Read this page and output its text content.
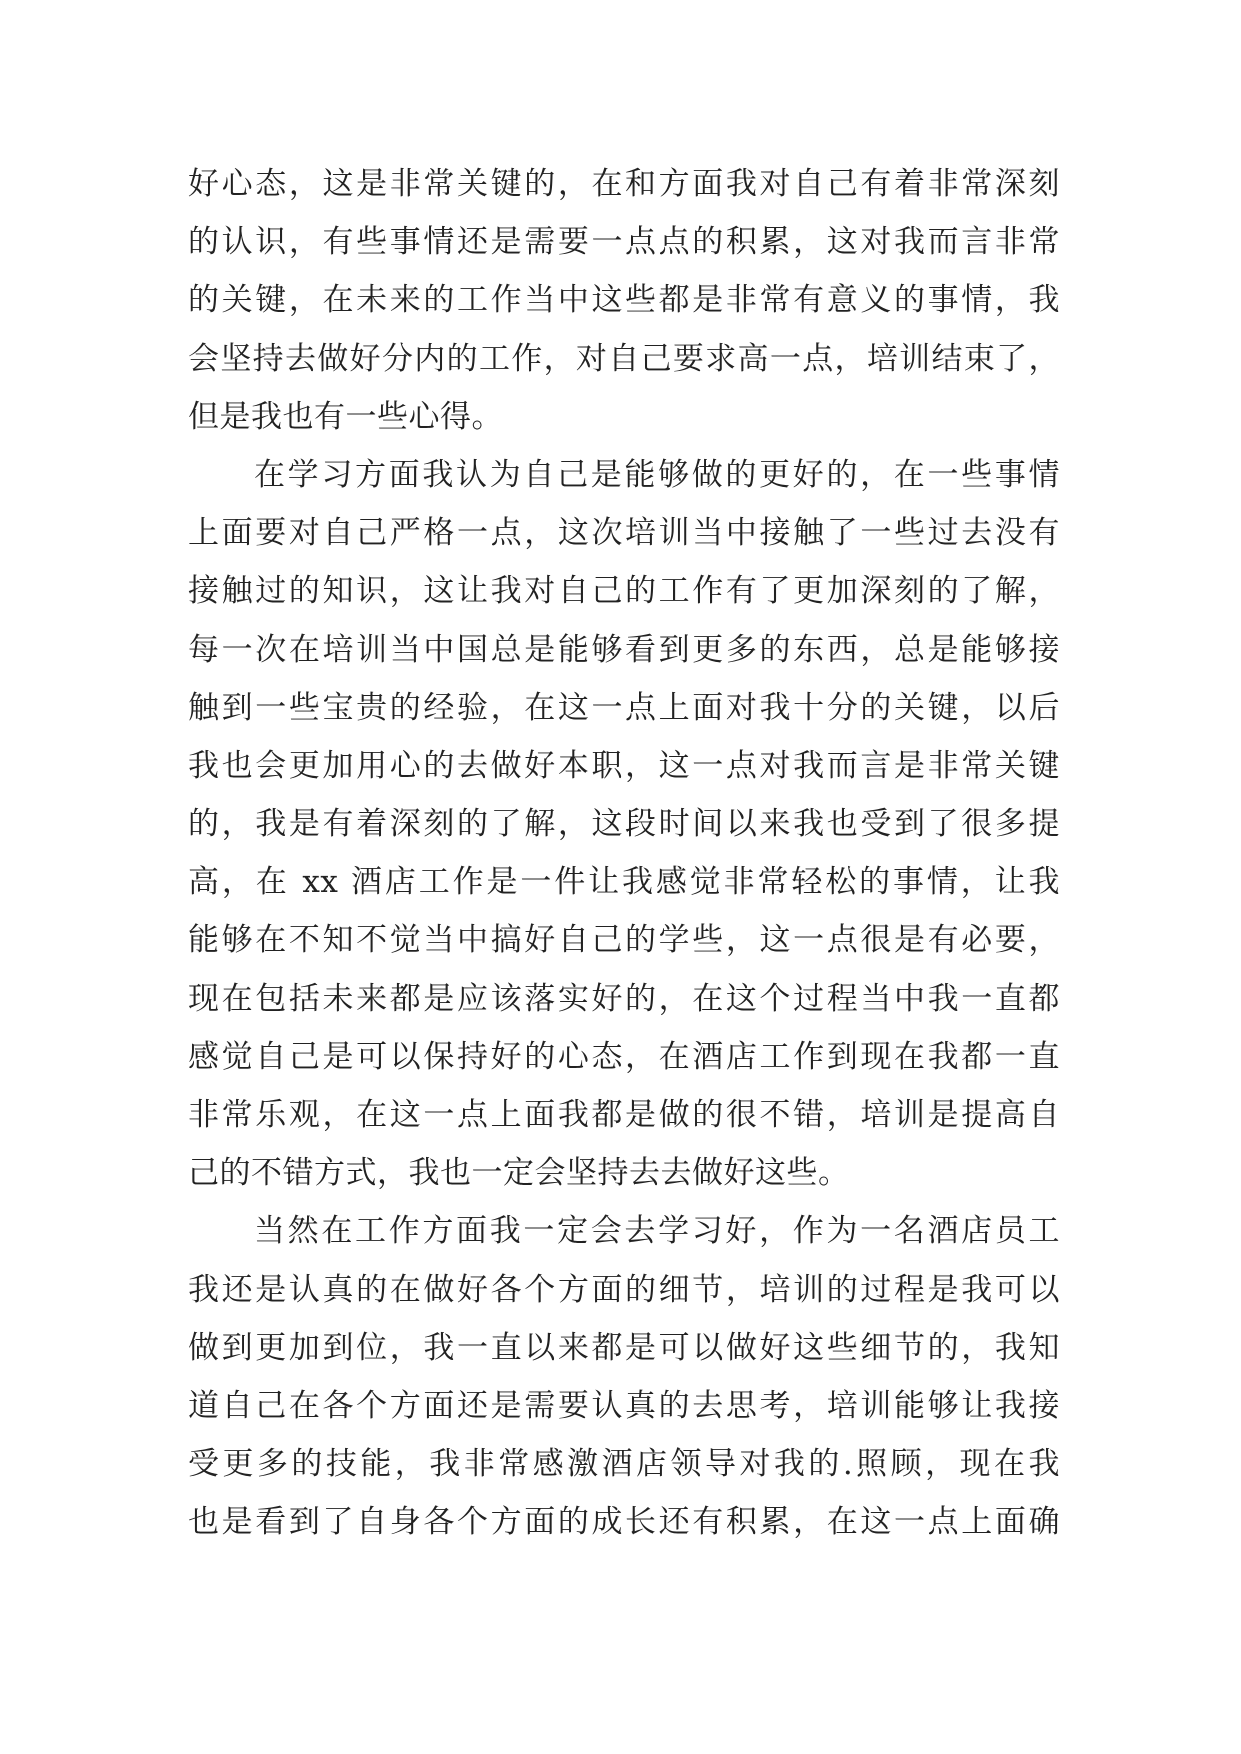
好心态，这是非常关键的，在和方面我对自己有着非常深刻
的认识，有些事情还是需要一点点的积累，这对我而言非常
的关键，在未来的工作当中这些都是非常有意义的事情，我
会坚持去做好分内的工作，对自己要求高一点，培训结束了，
但是我也有一些心得。
在学习方面我认为自己是能够做的更好的，在一些事情
上面要对自己严格一点，这次培训当中接触了一些过去没有
接触过的知识，这让我对自己的工作有了更加深刻的了解，
每一次在培训当中国总是能够看到更多的东西，总是能够接
触到一些宝贵的经验，在这一点上面对我十分的关键，以后
我也会更加用心的去做好本职，这一点对我而言是非常关键
的，我是有着深刻的了解，这段时间以来我也受到了很多提
高，在 xx 酒店工作是一件让我感觉非常轻松的事情，让我
能够在不知不觉当中搞好自己的学些，这一点很是有必要，
现在包括未来都是应该落实好的，在这个过程当中我一直都
感觉自己是可以保持好的心态，在酒店工作到现在我都一直
非常乐观，在这一点上面我都是做的很不错，培训是提高自
己的不错方式，我也一定会坚持去去做好这些。
当然在工作方面我一定会去学习好，作为一名酒店员工
我还是认真的在做好各个方面的细节，培训的过程是我可以
做到更加到位，我一直以来都是可以做好这些细节的，我知
道自己在各个方面还是需要认真的去思考，培训能够让我接
受更多的技能，我非常感激酒店领导对我的.照顾，现在我
也是看到了自身各个方面的成长还有积累，在这一点上面确
